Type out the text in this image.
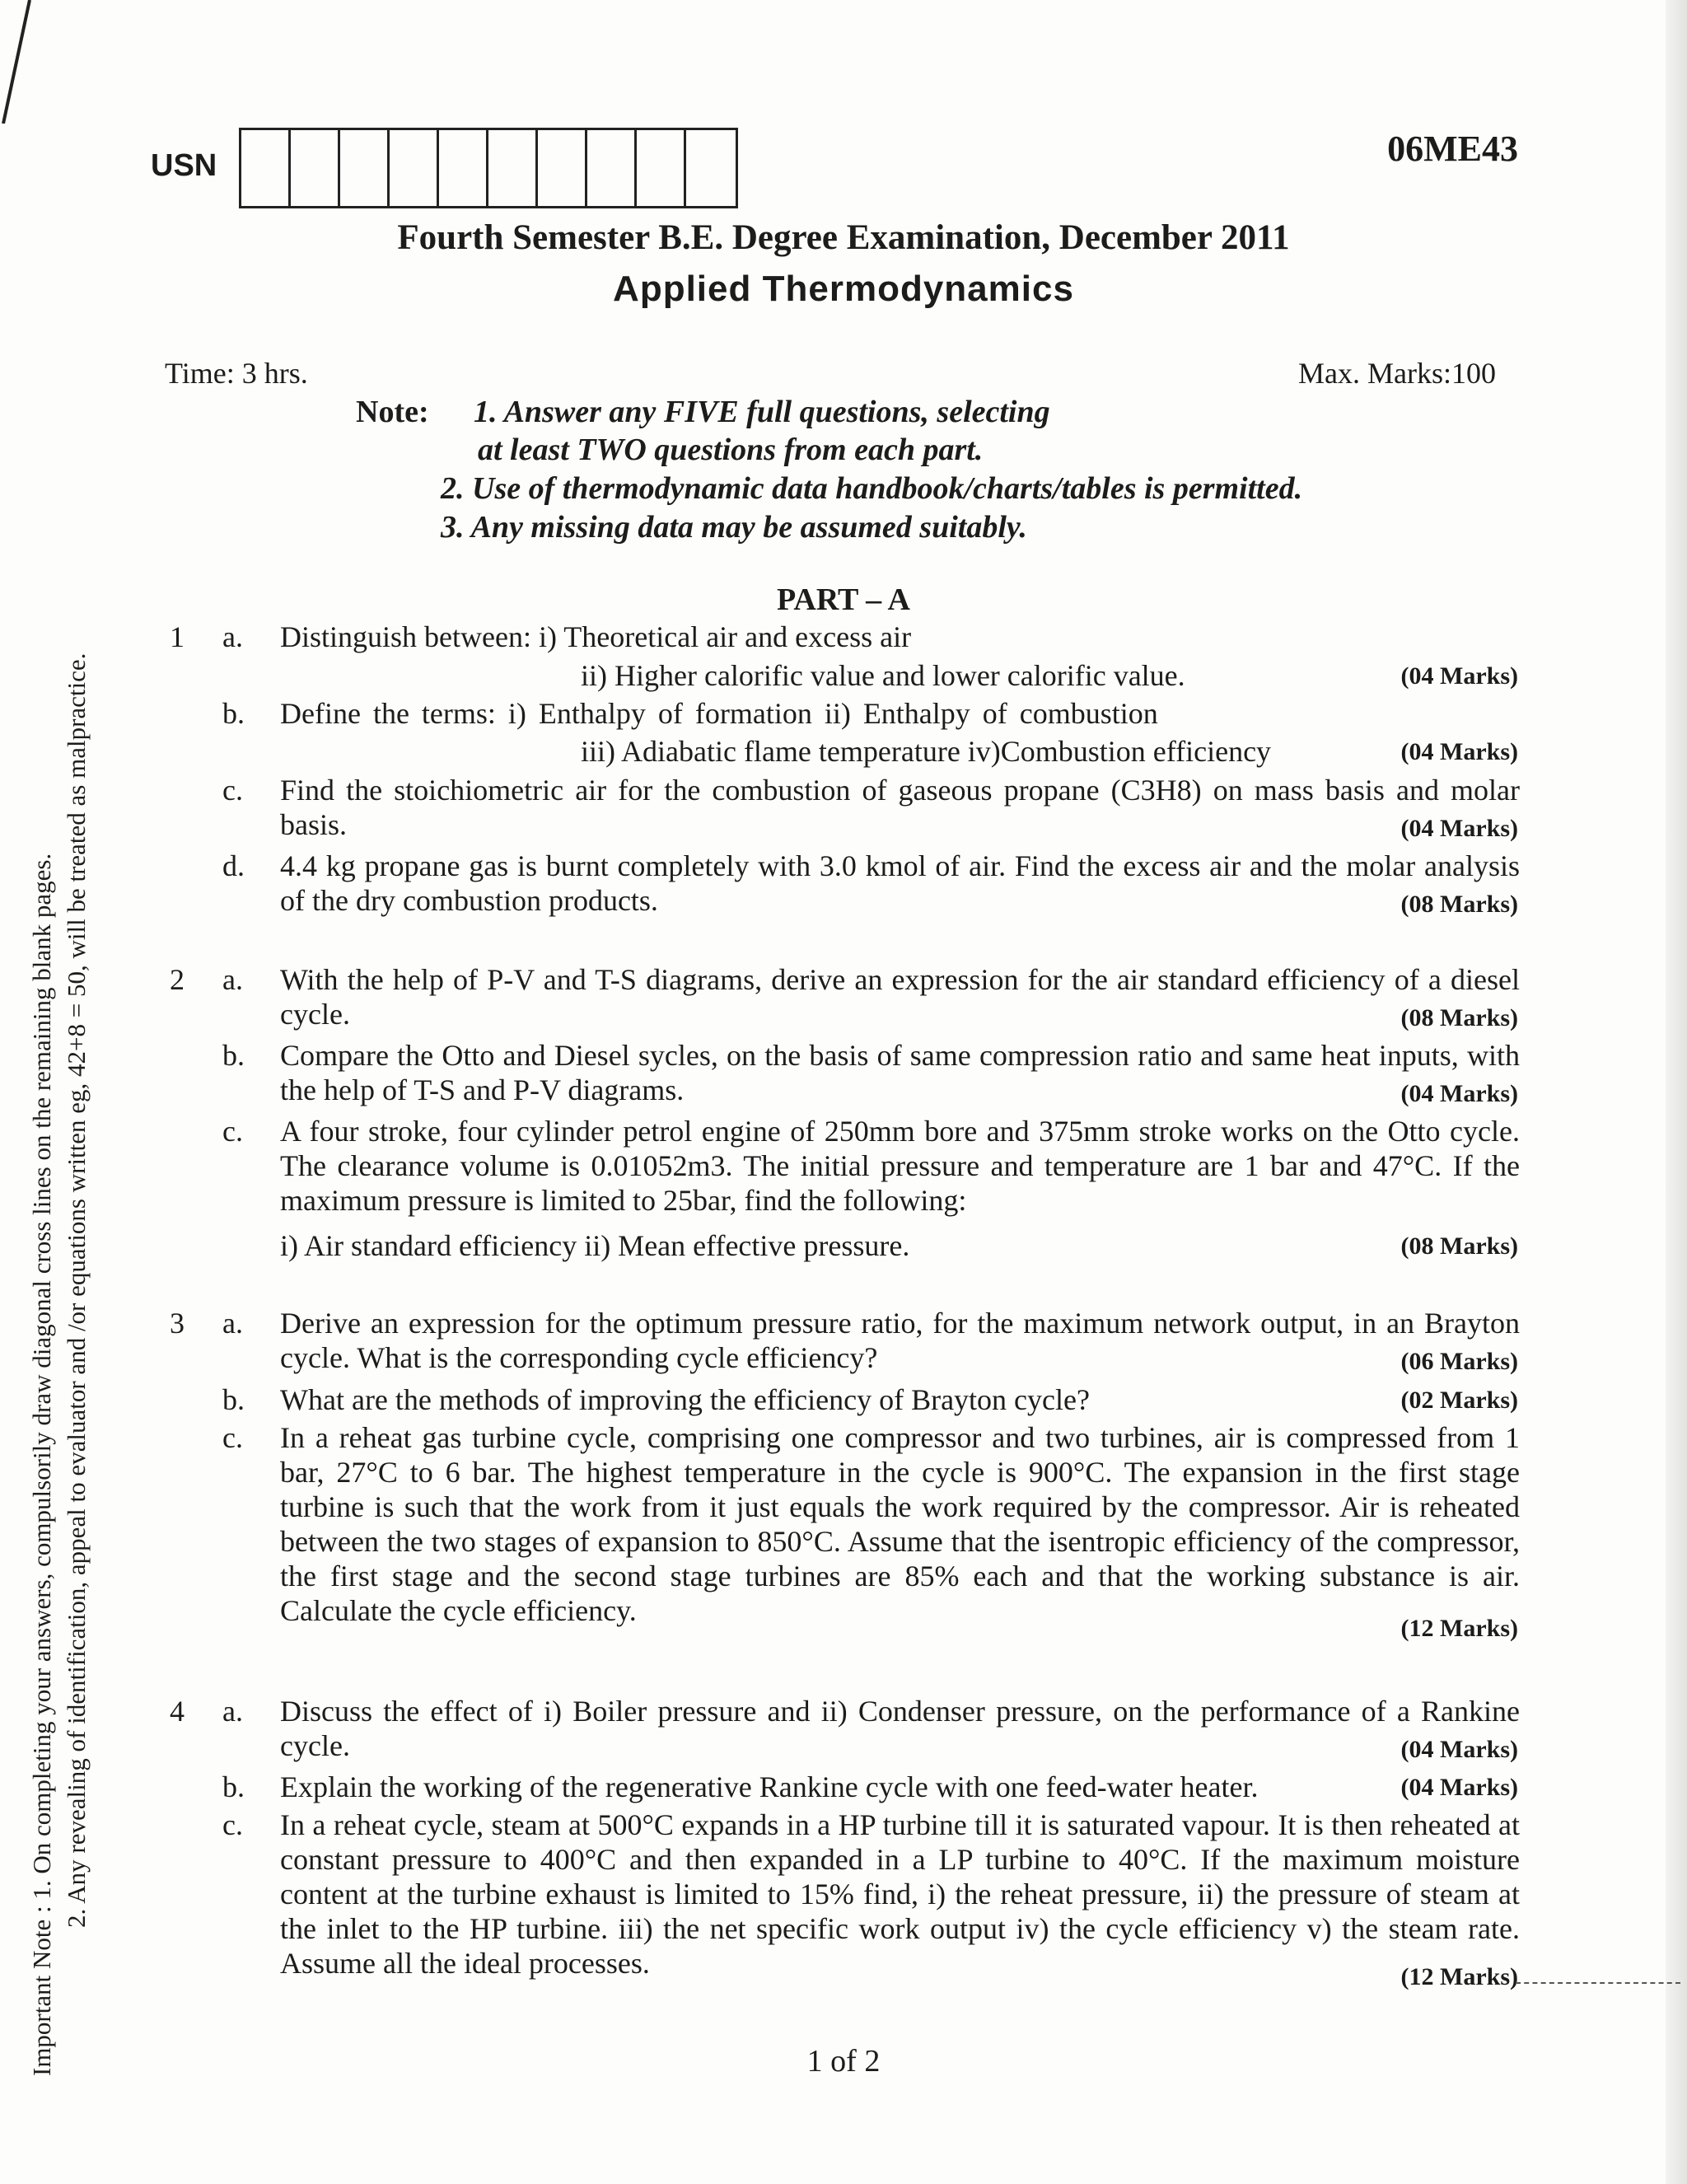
USN	06ME43
Fourth Semester B.E. Degree Examination, December 2011
Applied Thermodynamics
Time: 3 hrs.	Max. Marks:100
Note: 1. Answer any FIVE full questions, selecting
at least TWO questions from each part.
2. Use of thermodynamic data handbook/charts/tables is permitted.
3. Any missing data may be assumed suitably.
PART – A
1 a. Distinguish between: i) Theoretical air and excess air
ii) Higher calorific value and lower calorific value.	(04 Marks)
b. Define the terms: i) Enthalpy of formation ii) Enthalpy of combustion
iii) Adiabatic flame temperature iv)Combustion efficiency	(04 Marks)
c. Find the stoichiometric air for the combustion of gaseous propane (C3H8) on mass basis and molar basis.	(04 Marks)
d. 4.4 kg propane gas is burnt completely with 3.0 kmol of air. Find the excess air and the molar analysis of the dry combustion products.	(08 Marks)
2 a. With the help of P-V and T-S diagrams, derive an expression for the air standard efficiency of a diesel cycle.	(08 Marks)
b. Compare the Otto and Diesel sycles, on the basis of same compression ratio and same heat inputs, with the help of T-S and P-V diagrams.	(04 Marks)
c. A four stroke, four cylinder petrol engine of 250mm bore and 375mm stroke works on the Otto cycle. The clearance volume is 0.01052m3. The initial pressure and temperature are 1 bar and 47°C. If the maximum pressure is limited to 25bar, find the following:
i) Air standard efficiency ii) Mean effective pressure.	(08 Marks)
3 a. Derive an expression for the optimum pressure ratio, for the maximum network output, in an Brayton cycle. What is the corresponding cycle efficiency?	(06 Marks)
b. What are the methods of improving the efficiency of Brayton cycle?	(02 Marks)
c. In a reheat gas turbine cycle, comprising one compressor and two turbines, air is compressed from 1 bar, 27°C to 6 bar. The highest temperature in the cycle is 900°C. The expansion in the first stage turbine is such that the work from it just equals the work required by the compressor. Air is reheated between the two stages of expansion to 850°C. Assume that the isentropic efficiency of the compressor, the first stage and the second stage turbines are 85% each and that the working substance is air. Calculate the cycle efficiency.
(12 Marks)
4 a. Discuss the effect of i) Boiler pressure and ii) Condenser pressure, on the performance of a Rankine cycle.	(04 Marks)
b. Explain the working of the regenerative Rankine cycle with one feed-water heater.	(04 Marks)
c. In a reheat cycle, steam at 500°C expands in a HP turbine till it is saturated vapour. It is then reheated at constant pressure to 400°C and then expanded in a LP turbine to 40°C. If the maximum moisture content at the turbine exhaust is limited to 15% find, i) the reheat pressure, ii) the pressure of steam at the inlet to the HP turbine. iii) the net specific work output iv) the cycle efficiency v) the steam rate. Assume all the ideal processes.	(12 Marks)
Important Note : 1. On completing your answers, compulsorily draw diagonal cross lines on the remaining blank pages. 2. Any revealing of identification, appeal to evaluator and /or equations written eg, 42+8 = 50, will be treated as malpractice.
1 of 2
